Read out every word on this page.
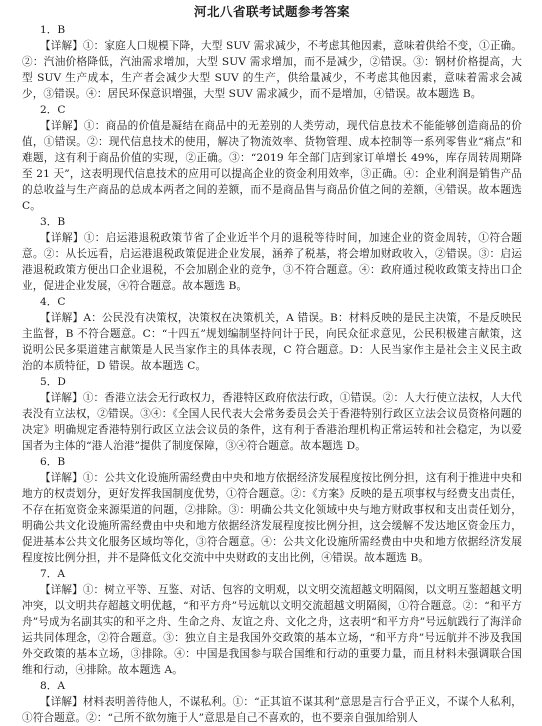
河北八省联考试题参考答案
1．B
【详解】①：家庭人口规模下降，大型 SUV 需求减少，不考虑其他因素，意味着供给不变，①正确。②：汽油价格降低，汽油需求增加，大型 SUV 需求增加，而不是减少，②错误。③：钢材价格提高，大型 SUV 生产成本，生产者会减少大型 SUV 的生产，供给量减少，不考虑其他因素，意味着需求会减少，③错误。④：居民环保意识增强，大型 SUV 需求减少，而不是增加，④错误。故本题选 B。
2．C
【详解】①：商品的价值是凝结在商品中的无差别的人类劳动，现代信息技术不能能够创造商品的价值，①错误。②：现代信息技术的使用，解决了物流效率、货物管理、成本控制等一系列零售业“痛点”和难题，这有利于商品价值的实现，②正确。③：“2019 年全部门店到家订单增长 49%，库存周转周期降至 21 天”，这表明现代信息技术的应用可以提高企业的资金利用效率，③正确。④：企业利润是销售产品的总收益与生产商品的总成本两者之间的差额，而不是商品售与商品价值之间的差额，④错误。故本题选 C。
3．B
【详解】①：启运港退税政策节省了企业近半个月的退税等待时间，加速企业的资金周转，①符合题意。②：从长远看，启运港退税政策促进企业发展，涵养了税基，将会增加财政收入，②错误。③：启运港退税政策方便出口企业退税，不会加剧企业的竞争，③不符合题意。④：政府通过税收政策支持出口企业，促进企业发展，④符合题意。故本题选 B。
4．C
【详解】A：公民没有决策权，决策权在决策机关，A 错误。B：材料反映的是民主决策，不是反映民主监督，B 不符合题意。C：“十四五”规划编制坚持问计于民，向民众征求意见，公民积极建言献策，这说明公民多渠道建言献策是人民当家作主的具体表现，C 符合题意。D：人民当家作主是社会主义民主政治的本质特征，D 错误。故本题选 C。
5．D
【详解】①：香港立法会无行政权力，香港特区政府依法行政，①错误。②：人大行使立法权，人大代表没有立法权，②错误。③④：《全国人民代表大会常务委员会关于香港特别行政区立法会议员资格问题的决定》明确规定香港特别行政区立法会议员的条件，这有利于香港治理机构正常运转和社会稳定，为以爱国者为主体的“港人治港”提供了制度保障，③④符合题意。故本题选 D。
6．B
【详解】①：公共文化设施所需经费由中央和地方依据经济发展程度按比例分担，这有利于推进中央和地方的权责划分，更好发挥我国制度优势，①符合题意。②：《方案》反映的是五项事权与经费支出责任，不存在拓宽资金来源渠道的问题，②排除。③：明确公共文化领域中央与地方财政事权和支出责任划分，明确公共文化设施所需经费由中央和地方依据经济发展程度按比例分担，这会缓解不发达地区资金压力，促进基本公共文化服务区域均等化，③符合题意。④：公共文化设施所需经费由中央和地方依据经济发展程度按比例分担，并不是降低文化交流中中央财政的支出比例，④错误。故本题选 B。
7．A
【详解】①：树立平等、互鉴、对话、包容的文明观，以文明交流超越文明隔阂，以文明互鉴超越文明冲突，以文明共存超越文明优越，“和平方舟”号远航以文明交流超越文明隔阂，①符合题意。②：“和平方舟”号成为名副其实的和平之舟、生命之舟、友谊之舟、文化之舟，这表明“和平方舟”号远航践行了海洋命运共同体理念，②符合题意。③：独立自主是我国外交政策的基本立场，“和平方舟”号远航并不涉及我国外交政策的基本立场，③排除。④：中国是我国参与联合国维和行动的重要力量，而且材料未强调联合国维和行动，④排除。故本题选 A。
8．A
【详解】材料表明善待他人，不谋私利。①：“正其谊不谋其利”意思是言行合乎正义，不谋个人私利，①符合题意。②：“己所不欲勿施于人”意思是自己不喜欢的，也不要亲自强加给别人
